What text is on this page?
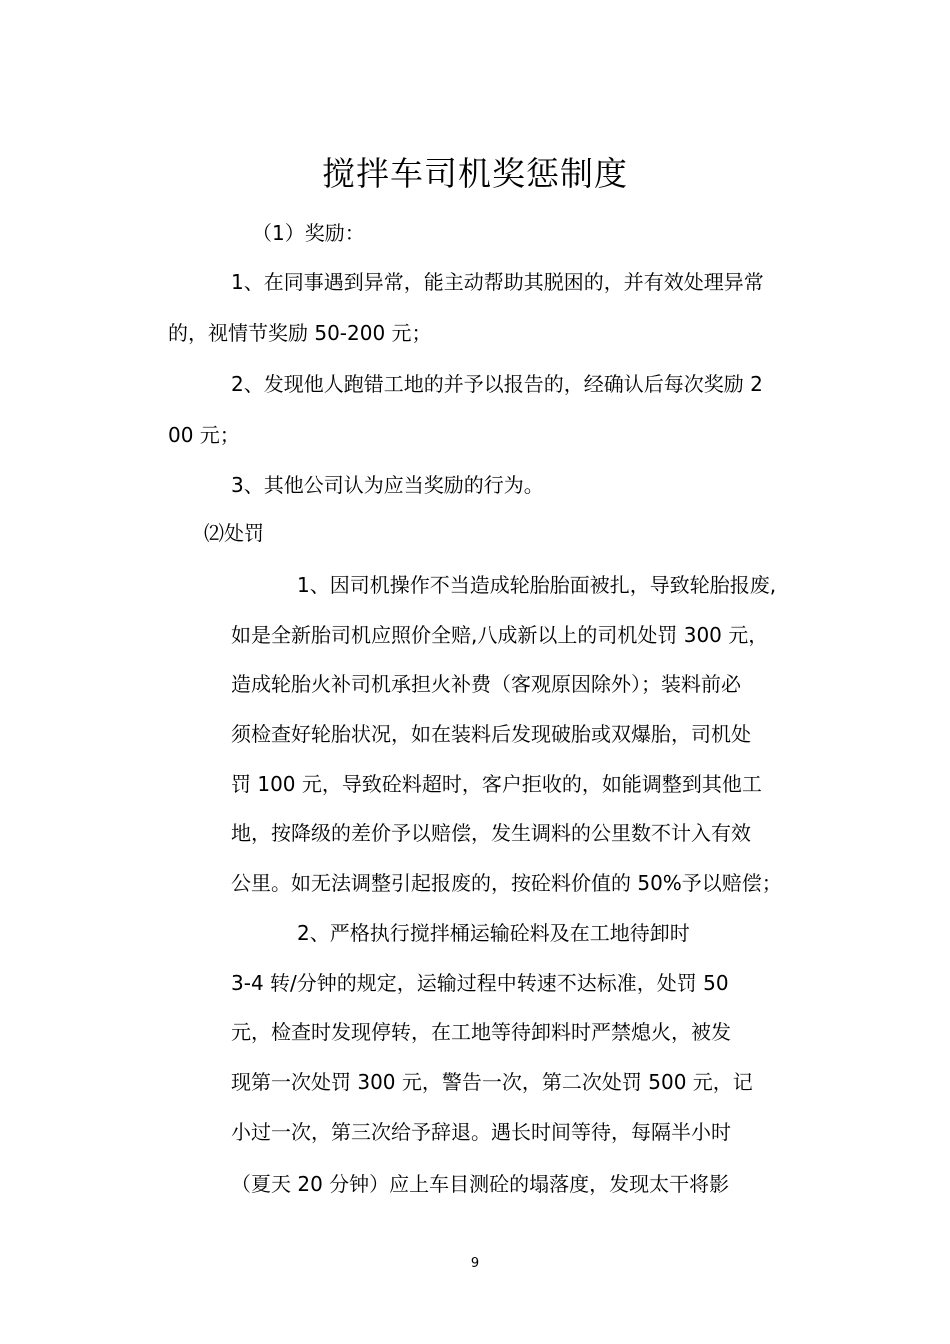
搅拌车司机奖惩制度
（1）奖励：
1、在同事遇到异常，能主动帮助其脱困的，并有效处理异常
的，视情节奖励 50-200 元；
2、发现他人跑错工地的并予以报告的，经确认后每次奖励 2
00 元；
3、其他公司认为应当奖励的行为。
⑵处罚
1、因司机操作不当造成轮胎胎面被扎，导致轮胎报废,
如是全新胎司机应照价全赔,八成新以上的司机处罚 300 元，
造成轮胎火补司机承担火补费（客观原因除外）；装料前必
须检查好轮胎状况，如在装料后发现破胎或双爆胎，司机处
罚 100 元，导致砼料超时，客户拒收的，如能调整到其他工
地，按降级的差价予以赔偿，发生调料的公里数不计入有效
公里。如无法调整引起报废的，按砼料价值的 50%予以赔偿；
2、严格执行搅拌桶运输砼料及在工地待卸时
3-4 转/分钟的规定，运输过程中转速不达标准，处罚 50
元，检查时发现停转，在工地等待卸料时严禁熄火，被发
现第一次处罚 300 元，警告一次，第二次处罚 500 元，记
小过一次，第三次给予辞退。遇长时间等待，每隔半小时
（夏天 20 分钟）应上车目测砼的塌落度，发现太干将影
9
